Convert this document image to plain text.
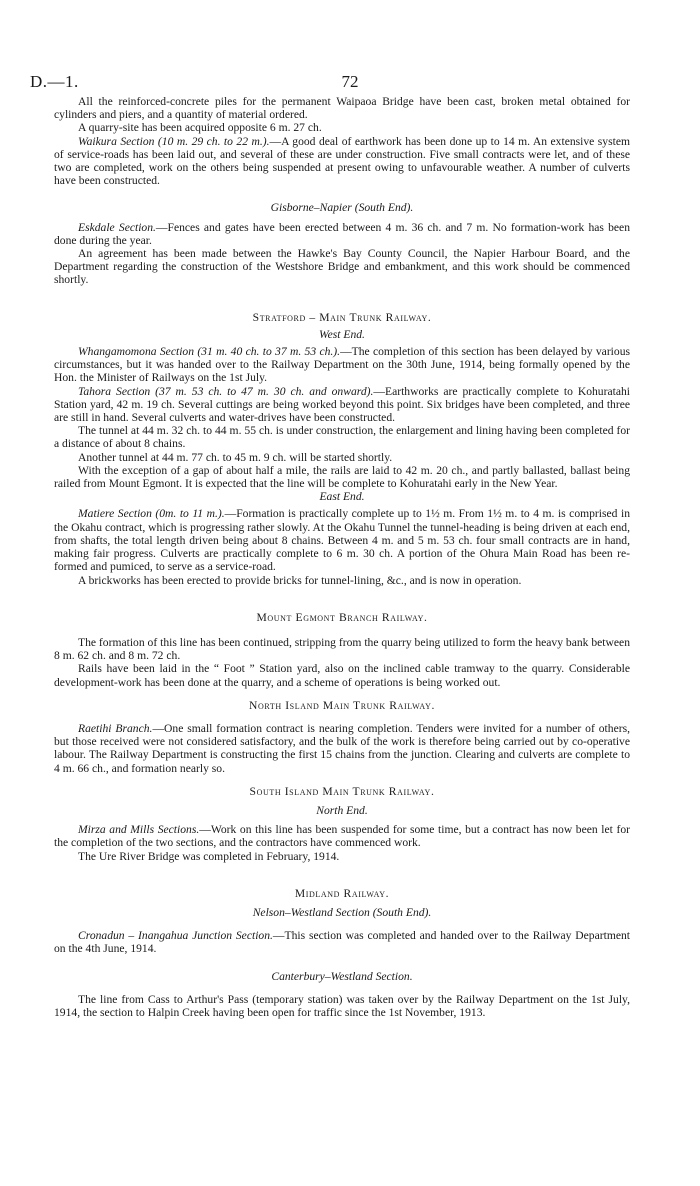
D.—1.	72

All the reinforced-concrete piles for the permanent Waipaoa Bridge have been cast, broken metal obtained for cylinders and piers, and a quantity of material ordered.

A quarry-site has been acquired opposite 6 m. 27 ch.

Waikura Section (10 m. 29 ch. to 22 m.).—A good deal of earthwork has been done up to 14 m. An extensive system of service-roads has been laid out, and several of these are under construction. Five small contracts were let, and of these two are completed, work on the others being suspended at present owing to unfavourable weather. A number of culverts have been constructed.

Gisborne–Napier (South End).

Eskdale Section.—Fences and gates have been erected between 4 m. 36 ch. and 7 m. No formation-work has been done during the year.

An agreement has been made between the Hawke's Bay County Council, the Napier Harbour Board, and the Department regarding the construction of the Westshore Bridge and embankment, and this work should be commenced shortly.

Stratford – Main Trunk Railway.
West End.

Whangamomona Section (31 m. 40 ch. to 37 m. 53 ch.).—The completion of this section has been delayed by various circumstances, but it was handed over to the Railway Department on the 30th June, 1914, being formally opened by the Hon. the Minister of Railways on the 1st July.

Tahora Section (37 m. 53 ch. to 47 m. 30 ch. and onward).—Earthworks are practically complete to Kohuratahi Station yard, 42 m. 19 ch. Several cuttings are being worked beyond this point. Six bridges have been completed, and three are still in hand. Several culverts and water-drives have been constructed.

The tunnel at 44 m. 32 ch. to 44 m. 55 ch. is under construction, the enlargement and lining having been completed for a distance of about 8 chains.

Another tunnel at 44 m. 77 ch. to 45 m. 9 ch. will be started shortly.

With the exception of a gap of about half a mile, the rails are laid to 42 m. 20 ch., and partly ballasted, ballast being railed from Mount Egmont. It is expected that the line will be complete to Kohuratahi early in the New Year.

East End.

Matiere Section (0m. to 11 m.).—Formation is practically complete up to 1½ m. From 1½ m. to 4 m. is comprised in the Okahu contract, which is progressing rather slowly. At the Okahu Tunnel the tunnel-heading is being driven at each end, from shafts, the total length driven being about 8 chains. Between 4 m. and 5 m. 53 ch. four small contracts are in hand, making fair progress. Culverts are practically complete to 6 m. 30 ch. A portion of the Ohura Main Road has been re-formed and pumiced, to serve as a service-road.

A brickworks has been erected to provide bricks for tunnel-lining, &c., and is now in operation.

Mount Egmont Branch Railway.

The formation of this line has been continued, stripping from the quarry being utilized to form the heavy bank between 8 m. 62 ch. and 8 m. 72 ch.

Rails have been laid in the “ Foot ” Station yard, also on the inclined cable tramway to the quarry. Considerable development-work has been done at the quarry, and a scheme of operations is being worked out.

North Island Main Trunk Railway.

Raetihi Branch.—One small formation contract is nearing completion. Tenders were invited for a number of others, but those received were not considered satisfactory, and the bulk of the work is therefore being carried out by co-operative labour. The Railway Department is constructing the first 15 chains from the junction. Clearing and culverts are complete to 4 m. 66 ch., and formation nearly so.

South Island Main Trunk Railway.
North End.

Mirza and Mills Sections.—Work on this line has been suspended for some time, but a contract has now been let for the completion of the two sections, and the contractors have commenced work.

The Ure River Bridge was completed in February, 1914.

Midland Railway.
Nelson–Westland Section (South End).

Cronadun – Inangahua Junction Section.—This section was completed and handed over to the Railway Department on the 4th June, 1914.

Canterbury–Westland Section.

The line from Cass to Arthur's Pass (temporary station) was taken over by the Railway Department on the 1st July, 1914, the section to Halpin Creek having been open for traffic since the 1st November, 1913.
